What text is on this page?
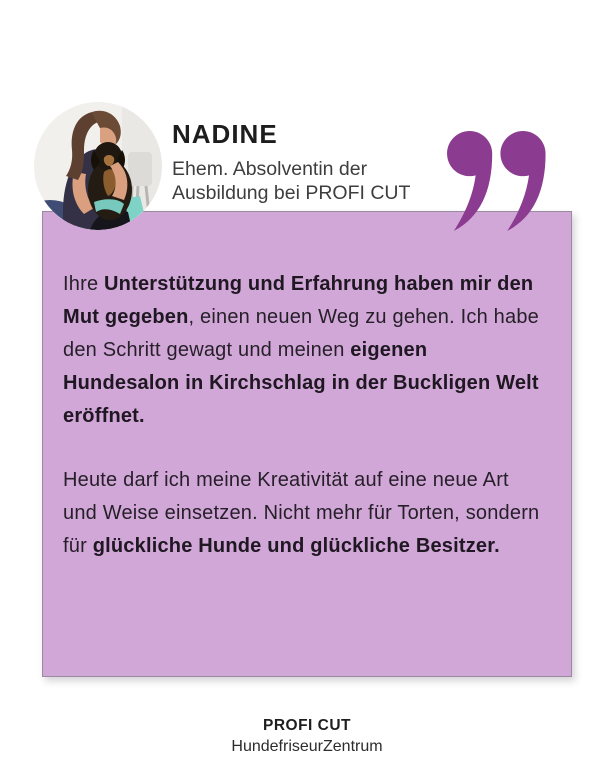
NADINE

Ehem. Absolventin der
Ausbildung bei PROFI CUT

Ihre Unterstützung und Erfahrung haben mir den Mut gegeben, einen neuen Weg zu gehen. Ich habe den Schritt gewagt und meinen eigenen Hundesalon in Kirchschlag in der Buckligen Welt eröffnet.

Heute darf ich meine Kreativität auf eine neue Art und Weise einsetzen. Nicht mehr für Torten, sondern für glückliche Hunde und glückliche Besitzer.

PROFI CUT
HundefriseurZentrum
